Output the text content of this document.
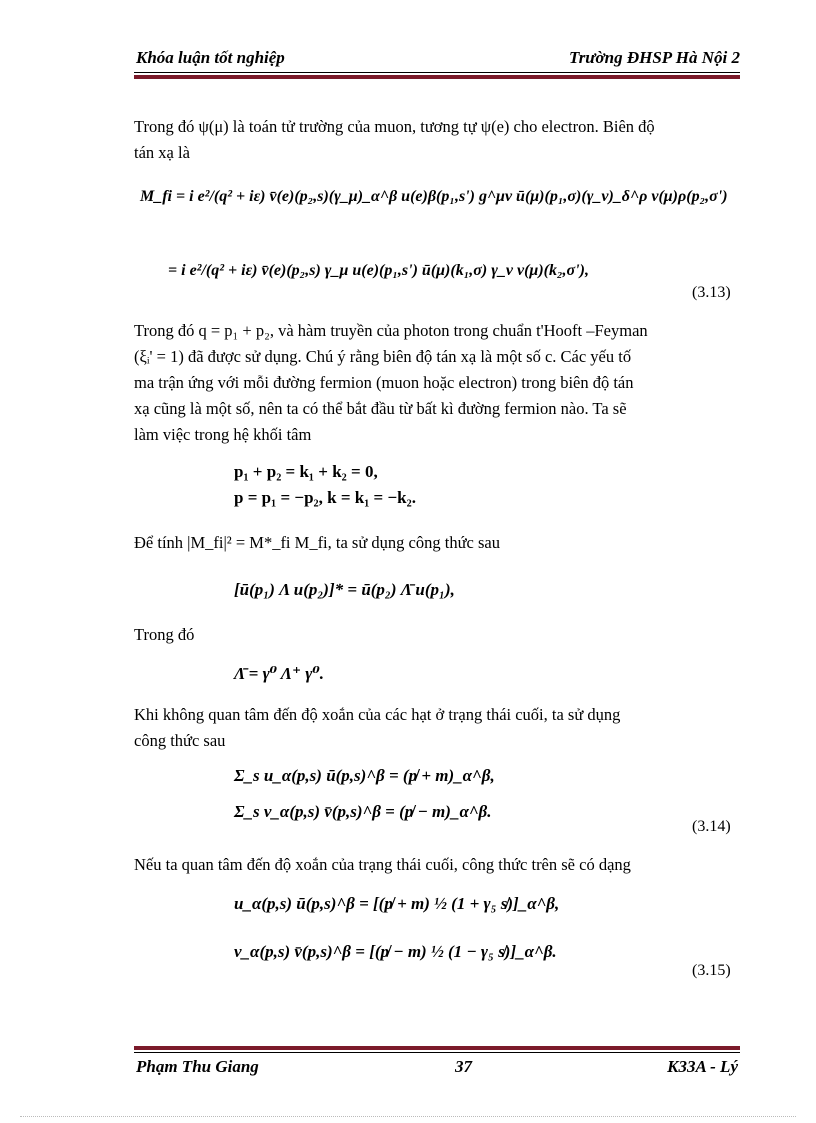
Khóa luận tốt nghiệp	Trường ĐHSP Hà Nội 2
Trong đó ψ(μ) là toán tử trường của muon, tương tự ψ(e) cho electron. Biên độ
tán xạ là
M_fi = i e²/(q² + iε) v̄(e)(p₂,s)(γ_μ)_α^β u(e)β(p₁,s') g^μν ū(μ)(p₁,σ)(γ_ν)_δ^ρ v(μ)ρ(p₂,σ')
= i e²/(q² + iε) v̄(e)(p₂,s) γ_μ u(e)(p₁,s') ū(μ)(k₁,σ) γ_ν v(μ)(k₂,σ'),
(3.13)
Trong đó q = p₁ + p₂, và hàm truyền của photon trong chuẩn t'Hooft –Feyman
(ξᵢ' = 1) đã được sử dụng. Chú ý rằng biên độ tán xạ là một số c. Các yếu tố
ma trận ứng với mỗi đường fermion (muon hoặc electron) trong biên độ tán
xạ cũng là một số, nên ta có thể bắt đầu từ bất kì đường fermion nào. Ta sẽ
làm việc trong hệ khối tâm
p₁ + p₂ = k₁ + k₂ = 0,
p = p₁ = −p₂, k = k₁ = −k₂.
Để tính |M_fi|² = M*_fi M_fi, ta sử dụng công thức sau
[ū(p₁) Λ u(p₂)]* = ū(p₂) Λ̄ u(p₁),
Trong đó
Λ̄ = γ⁰ Λ⁺ γ⁰.
Khi không quan tâm đến độ xoắn của các hạt ở trạng thái cuối, ta sử dụng
công thức sau
Σ_s u_α(p,s) ū(p,s)^β = (p̸ + m)_α^β,
Σ_s v_α(p,s) v̄(p,s)^β = (p̸ − m)_α^β.
(3.14)
Nếu ta quan tâm đến độ xoắn của trạng thái cuối, công thức trên sẽ có dạng
u_α(p,s) ū(p,s)^β = [(p̸ + m) ½ (1 + γ₅ s̸)]_α^β,
v_α(p,s) v̄(p,s)^β = [(p̸ − m) ½ (1 − γ₅ s̸)]_α^β.
(3.15)
Phạm Thu Giang	37	K33A - Lý
